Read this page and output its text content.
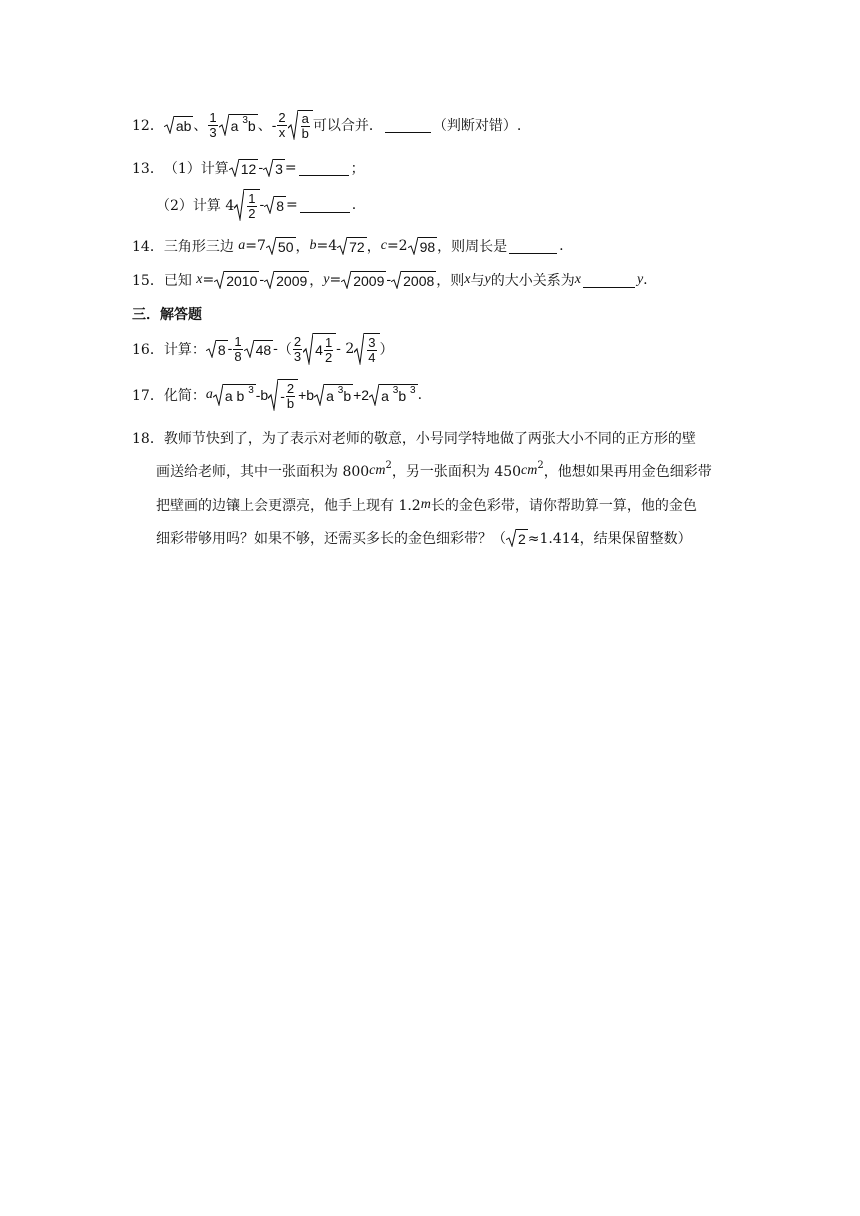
12． ab 、 $\frac{1}{3}$ a
3 b 、 - $\frac{2}{x} \frac{a}{b}$ 可以合并．	（判断对错）.
13． （1）计算 12 - 3 =	；
（2）计算 $4 \frac{1}{2} - 8$ =	.
14． 三角形三边
a =7 50 ， b =4 72 ， c =2 98 ，则周长是	.
15． 已知
x = 2010 - 2009 ， y = 2009 - 2008 ，则 x 与 y 的大小关系为 x	y .
三．解答题
16． 计算： $8 - \frac{1}{8} 48$ - （ $\frac{2}{3} 4 \frac{1}{2} - 2 \frac{3}{4}$ ）
17． 化简： a a b
3 $-b - \frac{2}{b} +b$ a
3 b +2 a
3 b
3 .
18． 教师节快到了，为了表示对老师的敬意，小号同学特地做了两张大小不同的正方形的壁
画送给老师，其中一张面积为 800 cm 2 ，另一张面积为 450 cm 2 ，他想如果再用金色细彩带
把壁画的边镶上会更漂亮，他手上现有 1.2 m 长的金色彩带，请你帮助算一算，他的金色
细彩带够用吗？如果不够，还需买多长的金色细彩带？（ 2 ≈1.414，结果保留整数）
